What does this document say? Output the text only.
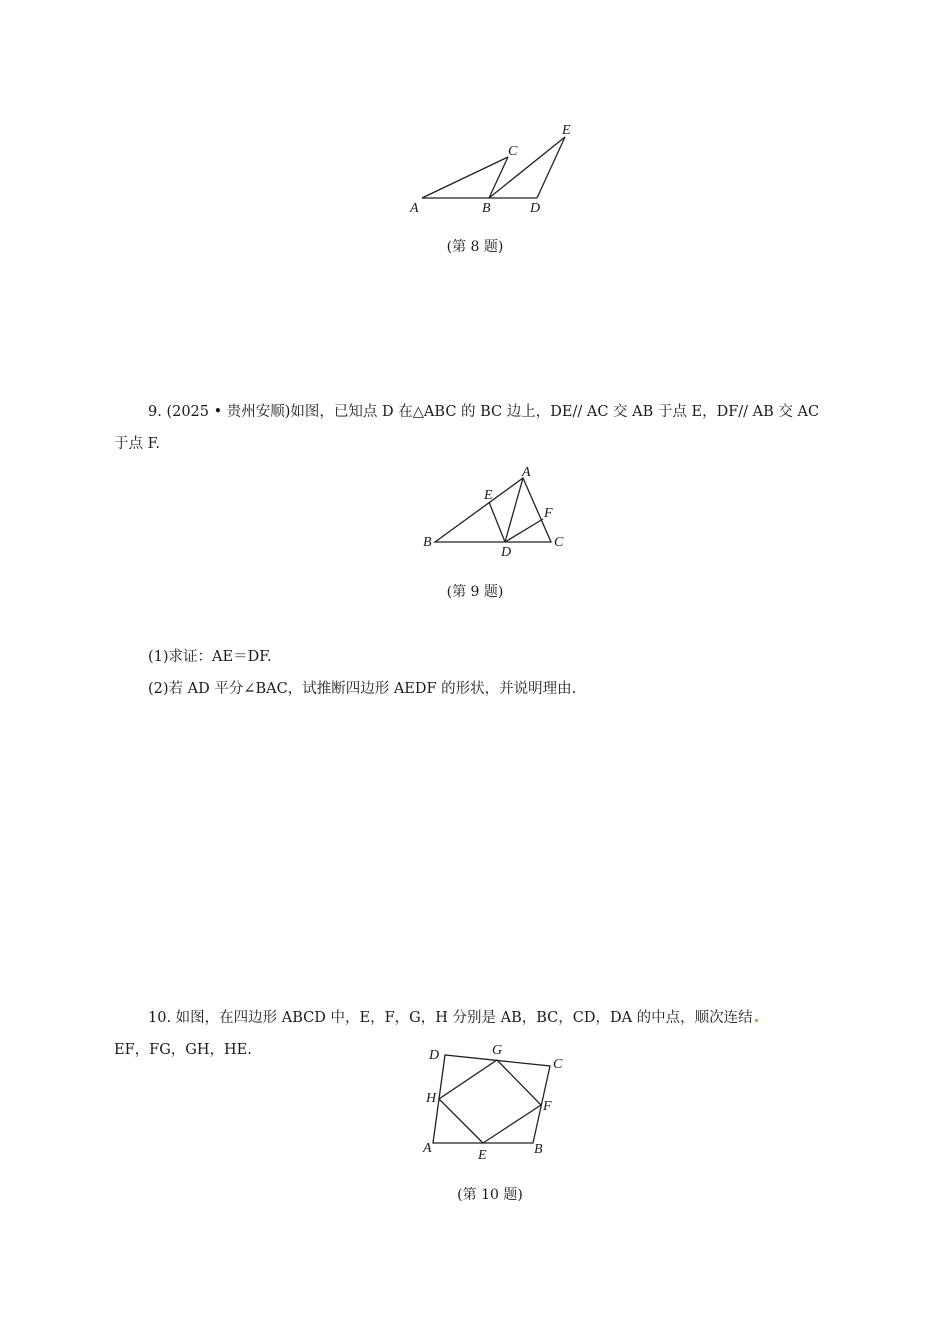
A	B
C
D
E
(第 8 题)
9. (2025 • 贵州安顺)如图，已知点 D 在△ABC 的 BC 边上，DE// AC 交 AB 于点 E，DF// AB 交 AC
于点 F.
A
B	C
D
E
F
(第 9 题)
(1)求证：AE＝DF.
(2)若 AD 平分∠BAC，试推断四边形 AEDF 的形状，并说明理由.
10. 如图，在四边形 ABCD 中，E，F，G，H 分别是 AB，BC，CD，DA 的中点，顺次连结
EF，FG，GH，HE.
A	B
C
D
E
F
G
H
(第 10 题)
